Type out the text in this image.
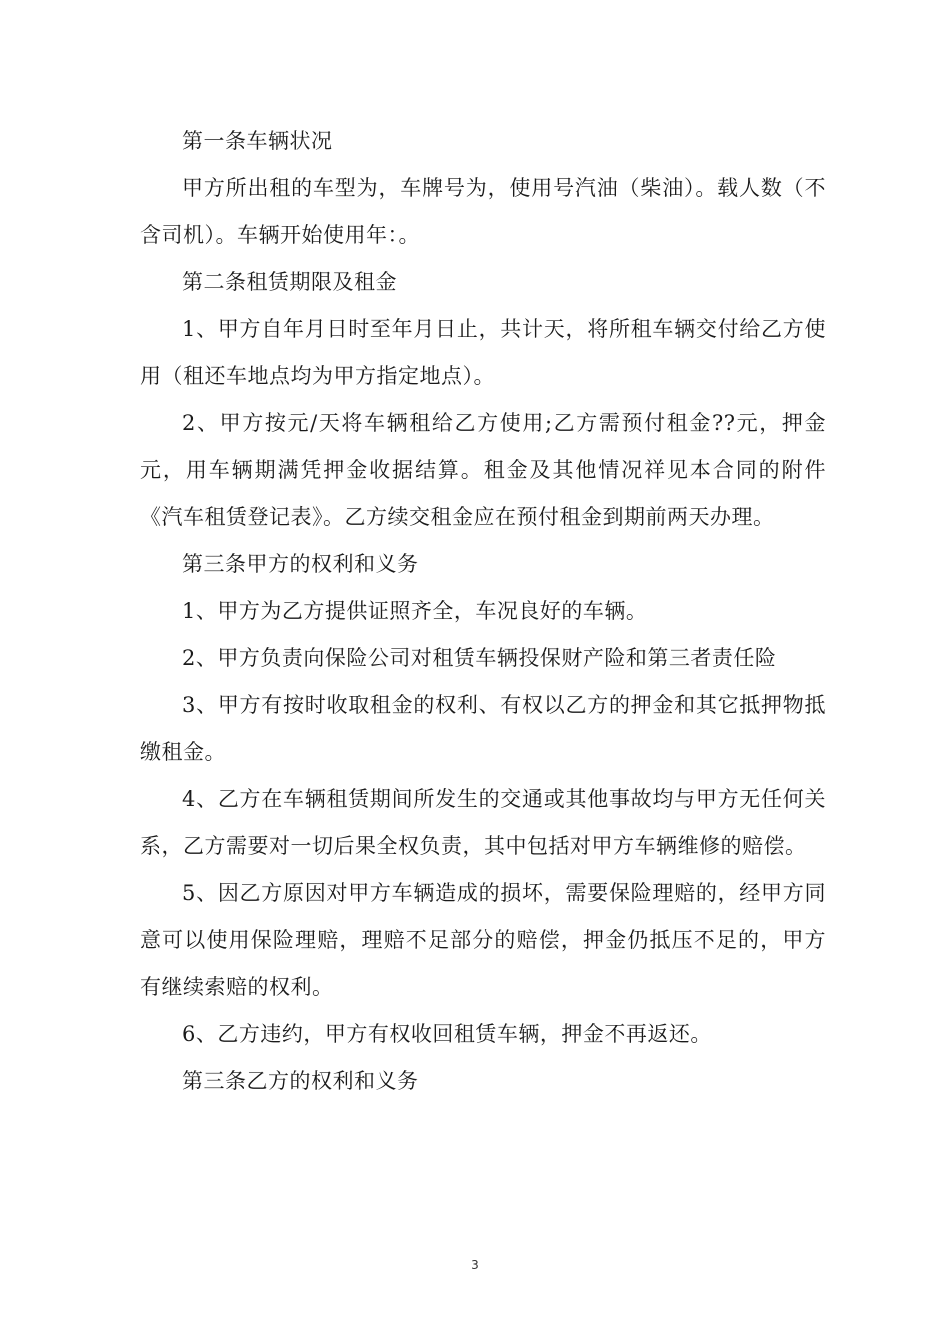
第一条车辆状况

甲方所出租的车型为，车牌号为，使用号汽油（柴油）。载人数（不含司机）。车辆开始使用年：。

第二条租赁期限及租金

1、甲方自年月日时至年月日止，共计天，将所租车辆交付给乙方使用（租还车地点均为甲方指定地点）。

2、甲方按元/天将车辆租给乙方使用;乙方需预付租金??元，押金元，用车辆期满凭押金收据结算。租金及其他情况祥见本合同的附件《汽车租赁登记表》。乙方续交租金应在预付租金到期前两天办理。

第三条甲方的权利和义务

1、甲方为乙方提供证照齐全，车况良好的车辆。

2、甲方负责向保险公司对租赁车辆投保财产险和第三者责任险

3、甲方有按时收取租金的权利、有权以乙方的押金和其它抵押物抵缴租金。

4、乙方在车辆租赁期间所发生的交通或其他事故均与甲方无任何关系，乙方需要对一切后果全权负责，其中包括对甲方车辆维修的赔偿。

5、因乙方原因对甲方车辆造成的损坏，需要保险理赔的，经甲方同意可以使用保险理赔，理赔不足部分的赔偿，押金仍抵压不足的，甲方有继续索赔的权利。

6、乙方违约，甲方有权收回租赁车辆，押金不再返还。

第三条乙方的权利和义务

3
